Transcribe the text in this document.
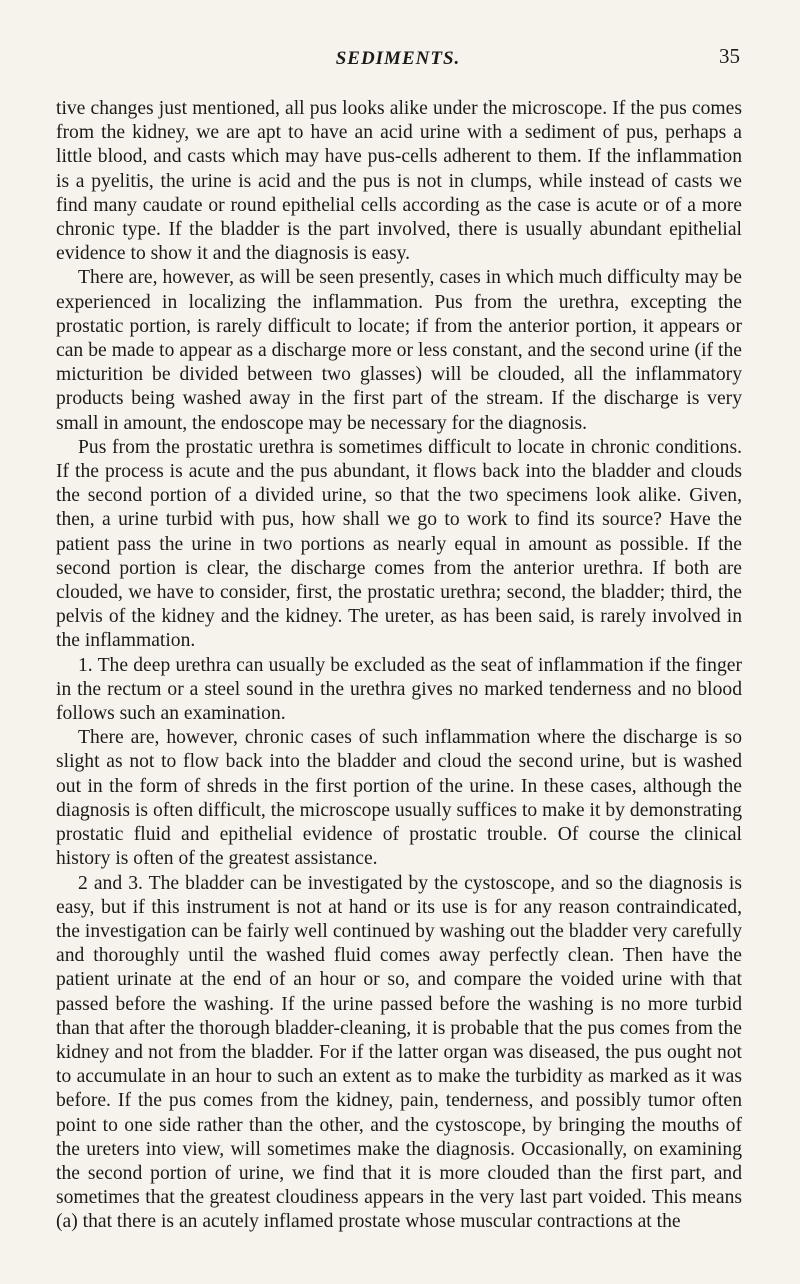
SEDIMENTS.	35

tive changes just mentioned, all pus looks alike under the microscope. If the pus comes from the kidney, we are apt to have an acid urine with a sediment of pus, perhaps a little blood, and casts which may have pus-cells adherent to them. If the inflammation is a pyelitis, the urine is acid and the pus is not in clumps, while instead of casts we find many caudate or round epithelial cells according as the case is acute or of a more chronic type. If the bladder is the part involved, there is usually abundant epithelial evidence to show it and the diagnosis is easy.

There are, however, as will be seen presently, cases in which much difficulty may be experienced in localizing the inflammation. Pus from the urethra, excepting the prostatic portion, is rarely difficult to locate; if from the anterior portion, it appears or can be made to appear as a discharge more or less constant, and the second urine (if the micturition be divided between two glasses) will be clouded, all the inflammatory products being washed away in the first part of the stream. If the discharge is very small in amount, the endoscope may be necessary for the diagnosis.

Pus from the prostatic urethra is sometimes difficult to locate in chronic conditions. If the process is acute and the pus abundant, it flows back into the bladder and clouds the second portion of a divided urine, so that the two specimens look alike. Given, then, a urine turbid with pus, how shall we go to work to find its source? Have the patient pass the urine in two portions as nearly equal in amount as possible. If the second portion is clear, the discharge comes from the anterior urethra. If both are clouded, we have to consider, first, the prostatic urethra; second, the bladder; third, the pelvis of the kidney and the kidney. The ureter, as has been said, is rarely involved in the inflammation.

1. The deep urethra can usually be excluded as the seat of inflammation if the finger in the rectum or a steel sound in the urethra gives no marked tenderness and no blood follows such an examination.

There are, however, chronic cases of such inflammation where the discharge is so slight as not to flow back into the bladder and cloud the second urine, but is washed out in the form of shreds in the first portion of the urine. In these cases, although the diagnosis is often difficult, the microscope usually suffices to make it by demonstrating prostatic fluid and epithelial evidence of prostatic trouble. Of course the clinical history is often of the greatest assistance.

2 and 3. The bladder can be investigated by the cystoscope, and so the diagnosis is easy, but if this instrument is not at hand or its use is for any reason contraindicated, the investigation can be fairly well continued by washing out the bladder very carefully and thoroughly until the washed fluid comes away perfectly clean. Then have the patient urinate at the end of an hour or so, and compare the voided urine with that passed before the washing. If the urine passed before the washing is no more turbid than that after the thorough bladder-cleaning, it is probable that the pus comes from the kidney and not from the bladder. For if the latter organ was diseased, the pus ought not to accumulate in an hour to such an extent as to make the turbidity as marked as it was before. If the pus comes from the kidney, pain, tenderness, and possibly tumor often point to one side rather than the other, and the cystoscope, by bringing the mouths of the ureters into view, will sometimes make the diagnosis. Occasionally, on examining the second portion of urine, we find that it is more clouded than the first part, and sometimes that the greatest cloudiness appears in the very last part voided. This means (a) that there is an acutely inflamed prostate whose muscular contractions at the
